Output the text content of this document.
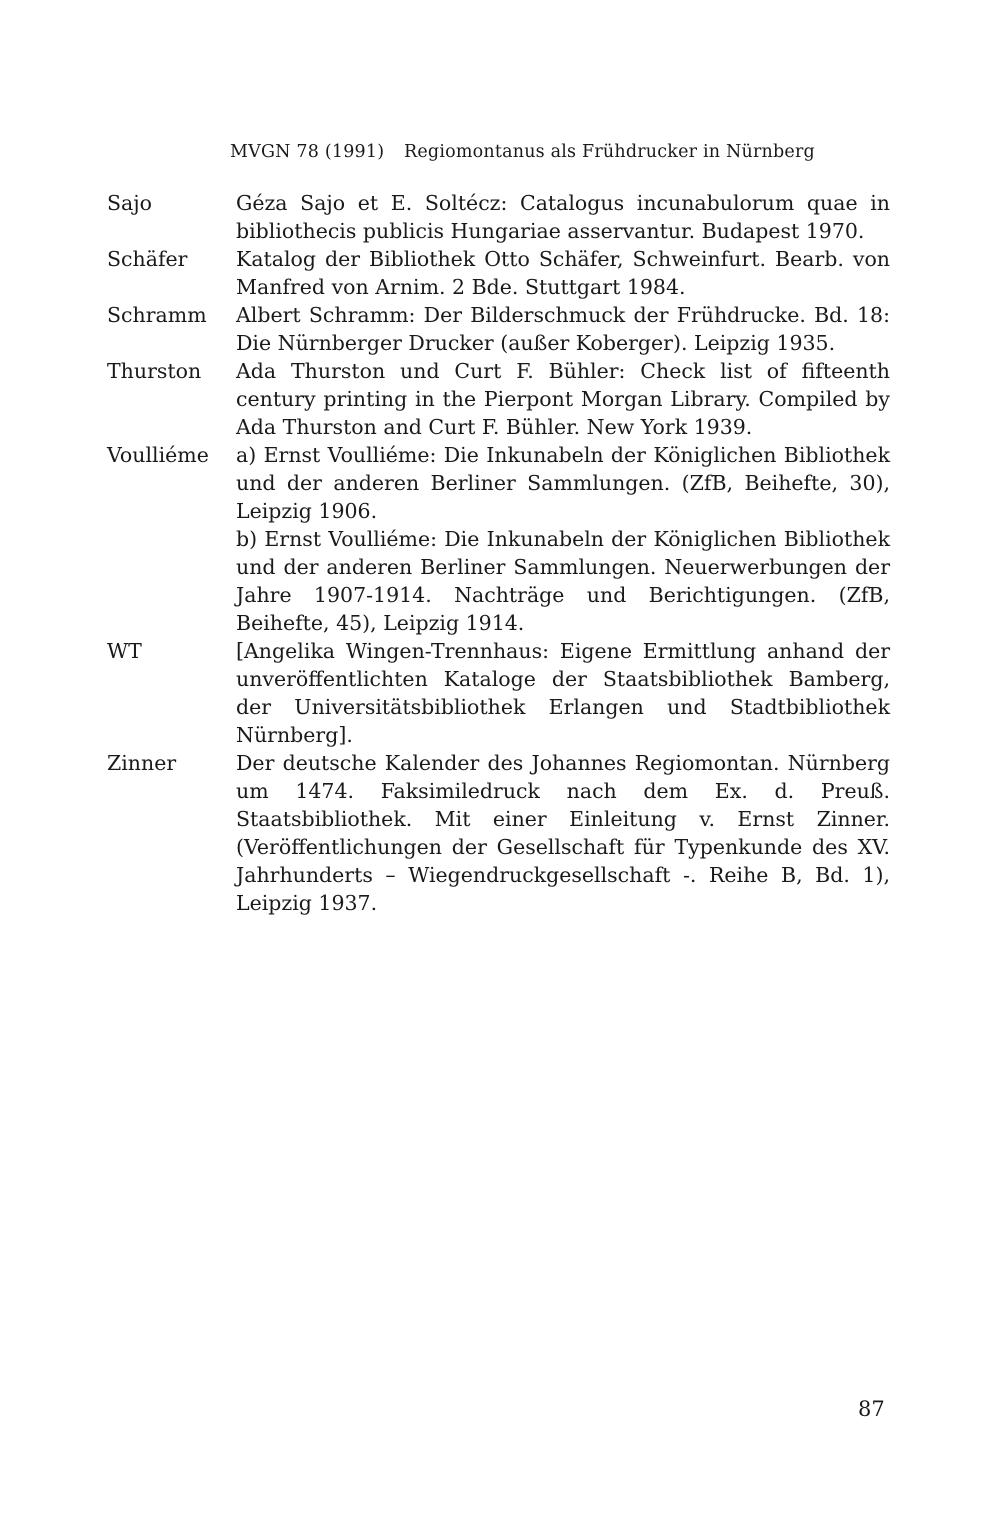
MVGN 78 (1991) Regiomontanus als Frühdrucker in Nürnberg
Sajo	Géza Sajo et E. Soltécz: Catalogus incunabulorum quae in bibliothecis publicis Hungariae asservantur. Budapest 1970.

Schäfer	Katalog der Bibliothek Otto Schäfer, Schweinfurt. Bearb. von Manfred von Arnim. 2 Bde. Stuttgart 1984.

Schramm	Albert Schramm: Der Bilderschmuck der Frühdrucke. Bd. 18: Die Nürnberger Drucker (außer Koberger). Leipzig 1935.

Thurston	Ada Thurston und Curt F. Bühler: Check list of fifteenth century printing in the Pierpont Morgan Library. Compiled by Ada Thurston and Curt F. Bühler. New York 1939.

Voulliéme	a) Ernst Voulliéme: Die Inkunabeln der Königlichen Bibliothek und der anderen Berliner Sammlungen. (ZfB, Beihefte, 30), Leipzig 1906.

b) Ernst Voulliéme: Die Inkunabeln der Königlichen Bibliothek und der anderen Berliner Sammlungen. Neuerwerbungen der Jahre 1907-1914. Nachträge und Berichtigungen. (ZfB, Beihefte, 45), Leipzig 1914.

WT	[Angelika Wingen-Trennhaus: Eigene Ermittlung anhand der unveröffentlichten Kataloge der Staatsbibliothek Bamberg, der Universitätsbibliothek Erlangen und Stadtbibliothek Nürnberg].

Zinner	Der deutsche Kalender des Johannes Regiomontan. Nürnberg um 1474. Faksimiledruck nach dem Ex. d. Preuß. Staatsbibliothek. Mit einer Einleitung v. Ernst Zinner. (Veröffentlichungen der Gesellschaft für Typenkunde des XV. Jahrhunderts – Wiegendruckgesellschaft -. Reihe B, Bd. 1), Leipzig 1937.

87
